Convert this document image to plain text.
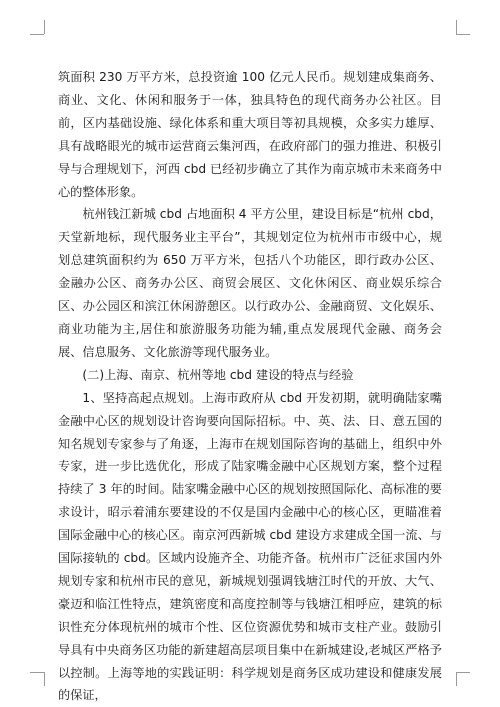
筑面积 230 万平方米，总投资逾 100 亿元人民币。规划建成集商务、商业、文化、休闲和服务于一体，独具特色的现代商务办公社区。目前，区内基础设施、绿化体系和重大项目等初具规模，众多实力雄厚、具有战略眼光的城市运营商云集河西，在政府部门的强力推进、积极引导与合理规划下，河西 cbd 已经初步确立了其作为南京城市未来商务中心的整体形象。

杭州钱江新城 cbd 占地面积 4 平方公里，建设目标是“杭州 cbd，天堂新地标，现代服务业主平台”，其规划定位为杭州市市级中心，规划总建筑面积约为 650 万平方米，包括八个功能区，即行政办公区、金融办公区、商务办公区、商贸会展区、文化休闲区、商业娱乐综合区、办公园区和滨江休闲游憩区。以行政办公、金融商贸、文化娱乐、商业功能为主,居住和旅游服务功能为辅,重点发展现代金融、商务会展、信息服务、文化旅游等现代服务业。

(二)上海、南京、杭州等地 cbd 建设的特点与经验

1、坚持高起点规划。上海市政府从 cbd 开发初期，就明确陆家嘴金融中心区的规划设计咨询要向国际招标。中、英、法、日、意五国的知名规划专家参与了角逐，上海市在规划国际咨询的基础上，组织中外专家，进一步比选优化，形成了陆家嘴金融中心区规划方案，整个过程持续了 3 年的时间。陆家嘴金融中心区的规划按照国际化、高标准的要求设计，昭示着浦东要建设的不仅是国内金融中心的核心区，更瞄准着国际金融中心的核心区。南京河西新城 cbd 建设方求建成全国一流、与国际接轨的 cbd。区域内设施齐全、功能齐备。杭州市广泛征求国内外规划专家和杭州市民的意见，新城规划强调钱塘江时代的开放、大气、豪迈和临江性特点，建筑密度和高度控制等与钱塘江相呼应，建筑的标识性充分体现杭州的城市个性、区位资源优势和城市支柱产业。鼓励引导具有中央商务区功能的新建超高层项目集中在新城建设,老城区严格予以控制。上海等地的实践证明：科学规划是商务区成功建设和健康发展的保证，
